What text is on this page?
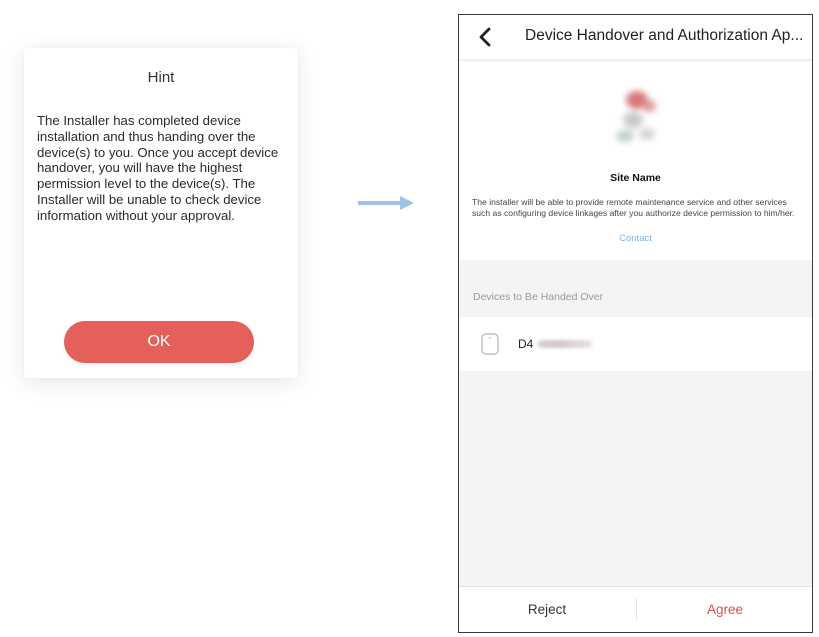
Hint

The Installer has completed device installation and thus handing over the device(s) to you. Once you accept device handover, you will have the highest permission level to the device(s). The Installer will be unable to check device information without your approval.

OK
Device Handover and Authorization Ap...
Site Name

The installer will be able to provide remote maintenance service and other services such as configuring device linkages after you authorize device permission to him/her.

Contact
Devices to Be Handed Over
D4
Reject	Agree
